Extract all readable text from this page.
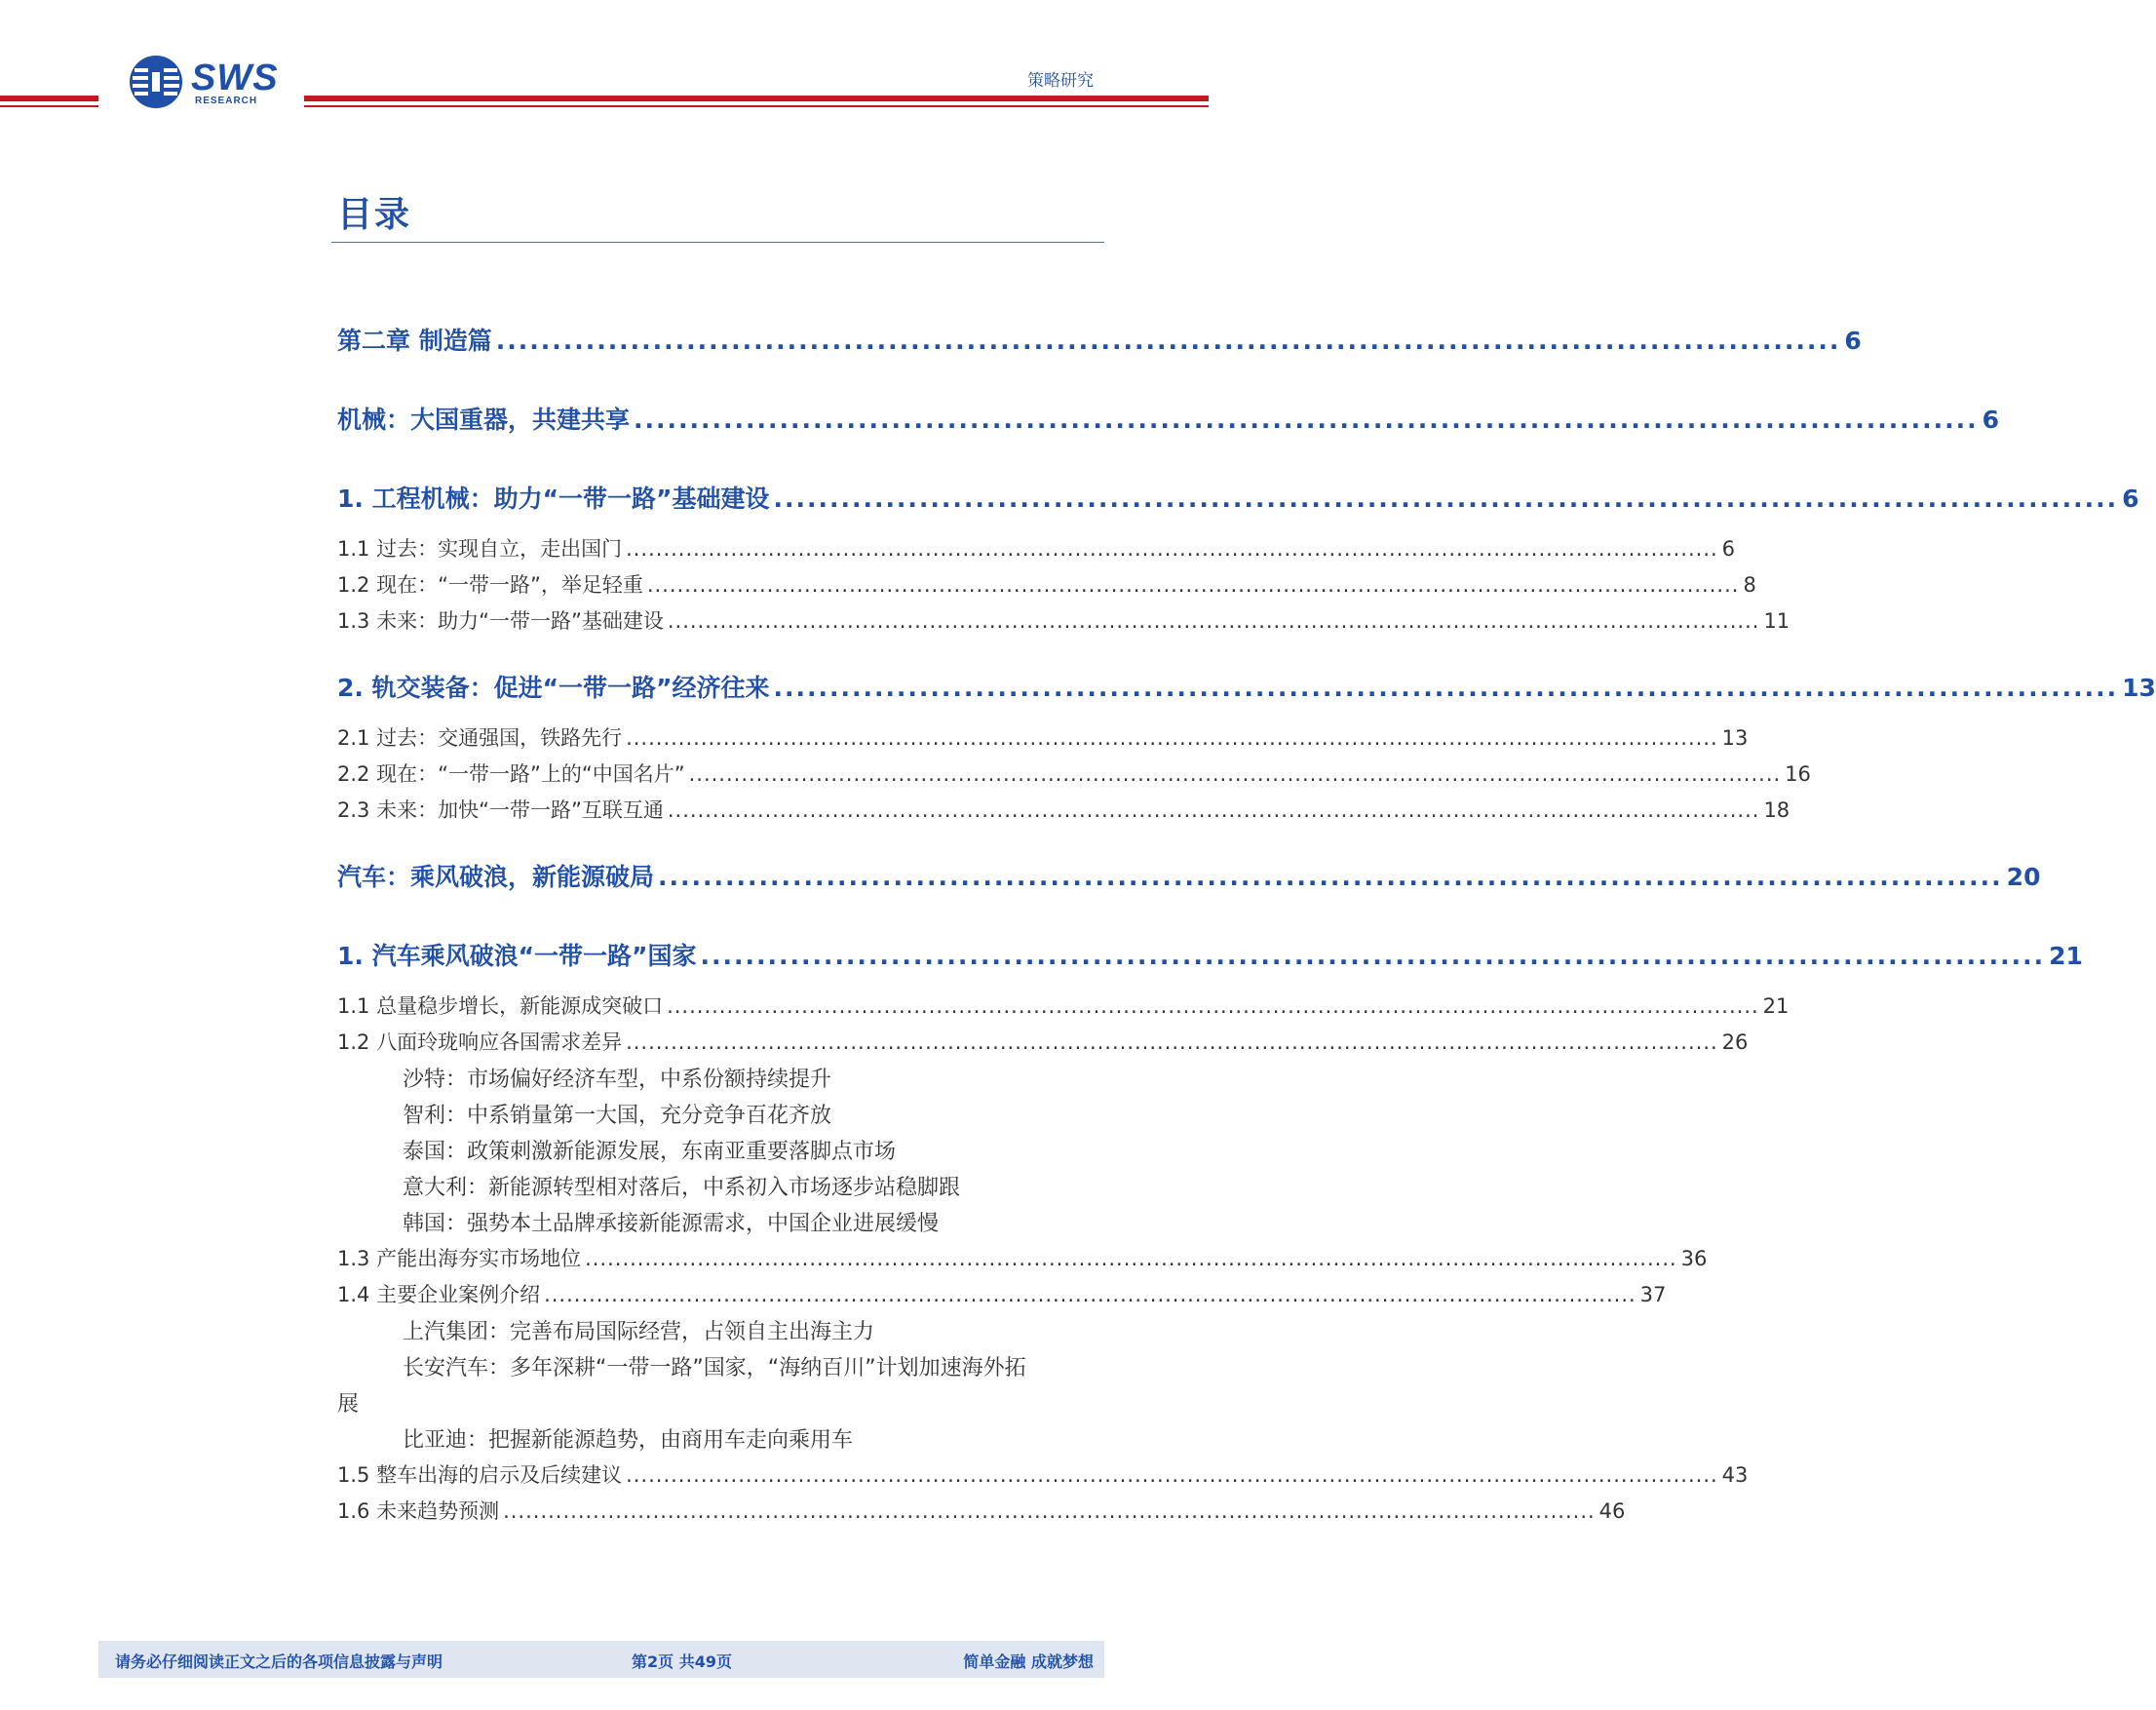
SWS
RESEARCH
策略研究
目录
第二章 制造篇 ........................................................................................................................ 6
机械：大国重器，共建共享 ........................................................................................................................ 6
1. 工程机械：助力“一带一路”基础建设 ........................................................................................................................ 6
1.1 过去：实现自立，走出国门 .................................................................................................................................................. 6
1.2 现在：“一带一路”，举足轻重 .................................................................................................................................................. 8
1.3 未来：助力“一带一路”基础建设 .................................................................................................................................................. 11
2. 轨交装备：促进“一带一路”经济往来 ........................................................................................................................ 13
2.1 过去：交通强国，铁路先行 .................................................................................................................................................. 13
2.2 现在：“一带一路”上的“中国名片” .................................................................................................................................................. 16
2.3 未来：加快“一带一路”互联互通 .................................................................................................................................................. 18
汽车：乘风破浪，新能源破局 ........................................................................................................................ 20
1. 汽车乘风破浪“一带一路”国家 ........................................................................................................................ 21
1.1 总量稳步增长，新能源成突破口 .................................................................................................................................................. 21
1.2 八面玲珑响应各国需求差异 .................................................................................................................................................. 26
沙特：市场偏好经济车型，中系份额持续提升
智利：中系销量第一大国，充分竞争百花齐放
泰国：政策刺激新能源发展，东南亚重要落脚点市场
意大利：新能源转型相对落后，中系初入市场逐步站稳脚跟
韩国：强势本土品牌承接新能源需求，中国企业进展缓慢
1.3 产能出海夯实市场地位 .................................................................................................................................................. 36
1.4 主要企业案例介绍 .................................................................................................................................................. 37
上汽集团：完善布局国际经营，占领自主出海主力
长安汽车：多年深耕“一带一路”国家，“海纳百川”计划加速海外拓
展
比亚迪：把握新能源趋势，由商用车走向乘用车
1.5 整车出海的启示及后续建议 .................................................................................................................................................. 43
1.6 未来趋势预测 .................................................................................................................................................. 46
请务必仔细阅读正文之后的各项信息披露与声明	第2页 共49页	简单金融 成就梦想
